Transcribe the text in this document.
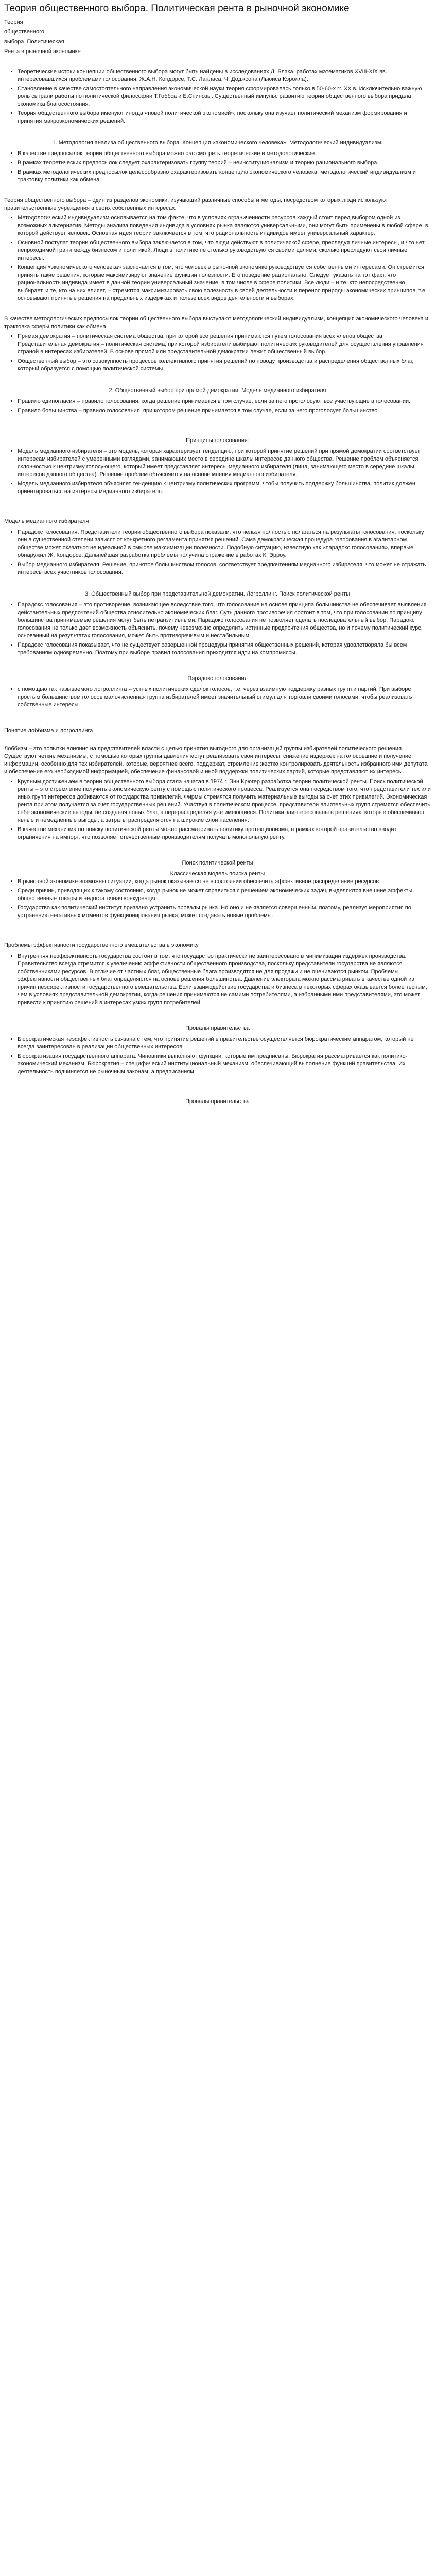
Теория общественного выбора. Политическая рента в рыночной экономике

Теория

общественного

выбора. Политическая

Рента в рыночной экономике

• Теоретические истоки концепции общественного выбора могут быть найдены в исследованиях Д. Блэка, работах математиков XVIII-XIX вв., интересовавшихся проблемами голосования: Ж.А.Н. Кондорсе, Т.С. Лапласа, Ч. Доджсона (Льюиса Кэролла).
• Становление в качестве самостоятельного направления экономической науки теория сформировалась только в 50-60-х гг. XX в. Исключительно важную роль сыграли работы по политической философии Т.Гоббса и Б.Спинозы. Существенный импульс развитию теории общественного выбора придала экономика благосостояния.
• Теория общественного выбора именуют иногда «новой политической экономией», поскольку она изучает политический механизм формирования и принятия макроэкономических решений.

1. Методология анализа общественного выбора. Концепция «экономического человека». Методологический индивидуализм.

• В качестве предпосылок теории общественного выбора можно рас смотреть теоретические и методологические.
• В рамках теоретических предпосылок следует охарактеризовать группу теорий – неинституционализм и теорию рационального выбора.
• В рамках методологических предпосылок целесообразно охарактеризовать концепцию экономического человека, методологический индивидуализм и трактовку политики как обмена.

Теория общественного выбора – один из разделов экономики, изучающий различные способы и методы, посредством которых люди используют правительственные учреждения в своих собственных интересах.

• Методологический индивидуализм основывается на том факте, что в условиях ограниченности ресурсов каждый стоит перед выбором одной из возможных альтернатив. Методы анализа поведения индивида в условиях рынка являются универсальными, они могут быть применены в любой сфере, в которой действует человек. Основная идея теории заключается в том, что рациональность индивидов имеет универсальный характер.
• Основной постулат теории общественного выбора заключается в том, что люди действуют в политической сфере, преследуя личные интересы, и что нет непроходимой грани между бизнесом и политикой. Люди в политике не столько руководствуются своими целями, сколько преследуют свои личные интересы.
• Концепция «экономического человека» заключается в том, что человек в рыночной экономике руководствуется собственными интересами. Он стремится принять такие решения, которые максимизируют значение функции полезности. Его поведение рационально. Следует указать на тот факт, что рациональность индивида имеет в данной теории универсальный значение, в том числе в сфере политики. Все люди – и те, кто непосредственно выбирает, и те, кто на них влияет, – стремятся максимизировать свою полезность в своей деятельности и перенос природы экономических принципов, т.е. основывают принятые решения на предельных издержках и пользе всех видов деятельности и выборах.

В качестве методологических предпосылок теории общественного выбора выступают методологический индивидуализм, концепция экономического человека и трактовка сферы политики как обмена.

• Прямая демократия – политическая система общества, при которой все решения принимаются путем голосования всех членов общества. Представительная демократия – политическая система, при которой избиратели выбирают политических руководителей для осуществления управления страной в интересах избирателей. В основе прямой или представительной демократии лежит общественный выбор.
• Общественный выбор – это совокупность процессов коллективного принятия решений по поводу производства и распределения общественных благ, который образуется с помощью политической системы.

2. Общественный выбор при прямой демократии. Модель медианного избирателя

• Правило единогласия – правило голосования, когда решение принимается в том случае, если за него проголосуют все участвующие в голосовании.
• Правило большинства – правило голосования, при котором решение принимается в том случае, если за него проголосует большинство.

Принципы голосования:

• Модель медианного избирателя – это модель, которая характеризует тенденцию, при которой принятие решений при прямой демократии соответствует интересам избирателей с умеренными взглядами, занимающих место в середине шкалы интересов данного общества. Решение проблем объясняется склонностью к центризму голосующего, который имеет представляет интересы медианного избирателя (лица, занимающего место в середине шкалы интересов данного общества). Решение проблем объясняется на основе мнения медианного избирателя.
• Модель медианного избирателя объясняет тенденцию к центризму политических программ: чтобы получить поддержку большинства, политик должен ориентироваться на интересы медианного избирателя.

Модель медианного избирателя

• Парадокс голосования. Представители теории общественного выбора показали, что нельзя полностью полагаться на результаты голосования, поскольку они в существенной степени зависят от конкретного регламента принятия решений. Сама демократическая процедура голосования в эгалитарном обществе может оказаться не идеальной в смысле максимизации полезности. Подобную ситуацию, известную как «парадокс голосования», впервые обнаружил Ж. Кондорсе. Дальнейшая разработка проблемы получила отражение в работах К. Эрроу.
• Выбор медианного избирателя. Решение, принятое большинством голосов, соответствует предпочтениям медианного избирателя, что может не отражать интересы всех участников голосования.

3. Общественный выбор при представительной демократии. Логроллинг. Поиск политической ренты

• Парадокс голосования – это противоречие, возникающее вследствие того, что голосование на основе принципа большинства не обеспечивает выявления действительных предпочтений общества относительно экономических благ. Суть данного противоречия состоит в том, что при голосовании по принципу большинства принимаемые решения могут быть нетранзитивными. Парадокс голосования не позволяет сделать последовательный выбор. Парадокс голосования не только дает возможность объяснить, почему невозможно определить истинные предпочтения общества, но и почему политический курс, основанный на результатах голосования, может быть противоречивым и нестабильным.
• Парадокс голосования показывает, что не существует совершенной процедуры принятия общественных решений, которая удовлетворяла бы всем требованиям одновременно. Поэтому при выборе правил голосования приходится идти на компромиссы.

Парадокс голосования

• с помощью так называемого логроллинга – устных политических сделок голосов, т.е. через взаимную поддержку разных групп и партий. При выборе простым большинством голосов малочисленная группа избирателей имеет значительный стимул для торговли своими голосами, чтобы реализовать собственные интересы.

Понятие лоббизма и логроллинга

Лоббизм – это попытки влияния на представителей власти с целью принятия выгодного для организаций группы избирателей политического решения. Существуют четкие механизмы, с помощью которых группы давления могут реализовать свои интересы: снижение издержек на голосование и получение информации, особенно для тех избирателей, которые, вероятнее всего, поддержат, стремление жестко контролировать деятельность избранного ими депутата и обеспечение его необходимой информацией, обеспечение финансовой и иной поддержки политических партий, которые представляют их интересы.

• Крупным достижением в теории общественного выбора стала начатая в 1974 г. Энн Крюгер разработка теории политической ренты. Поиск политической ренты – это стремление получить экономическую ренту с помощью политического процесса. Реализуется она посредством того, что представители тех или иных групп интересов добиваются от государства привилегий. Фирмы стремятся получить материальные выгоды за счет этих привилегий. Экономическая рента при этом получается за счет государственных решений. Участвуя в политическом процессе, представители влиятельных групп стремятся обеспечить себе экономические выгоды, не создавая новых благ, а перераспределяя уже имеющиеся. Политики заинтересованы в решениях, которые обеспечивают явные и немедленные выгоды, а затраты распределяются на широкие слои населения.
• В качестве механизма по поиску политической ренты можно рассматривать политику протекционизма, в рамках которой правительство вводит ограничения на импорт, что позволяет отечественным производителям получать монопольную ренту.

Поиск политической ренты

Классическая модель поиска ренты

• В рыночной экономике возможны ситуации, когда рынок оказывается не в состоянии обеспечить эффективное распределение ресурсов.
• Среди причин, приводящих к такому состоянию, когда рынок не может справиться с решением экономических задач, выделяются внешние эффекты, общественные товары и недостаточная конкуренция.
• Государство как политический институт призвано устранить провалы рынка. Но оно и не является совершенным, поэтому, реализуя мероприятия по устранению негативных моментов функционирования рынка, может создавать новые проблемы.

Проблемы эффективности государственного вмешательства в экономику

• Внутренняя неэффективность государства состоит в том, что государство практически не заинтересовано в минимизации издержек производства. Правительство всегда стремится к увеличению эффективности общественного производства, поскольку представители государства не являются собственниками ресурсов. В отличие от частных благ, общественные блага производятся не для продажи и не оцениваются рынком. Проблемы эффективности общественных благ определяются на основе решения большинства. Давление электората можно рассматривать в качестве одной из причин неэффективности государственного вмешательства. Если взаимодействие государства и бизнеса в некоторых сферах оказывается более тесным, чем в условиях представительной демократии, когда решения принимаются не самими потребителями, а избранными ими представителями, это может привести к принятию решений в интересах узких групп потребителей.

Провалы правительства

• Бюрократическая неэффективность связана с тем, что принятие решений в правительстве осуществляется бюрократическим аппаратом, который не всегда заинтересован в реализации общественных интересов.
• Бюрократизация государственного аппарата. Чиновники выполняют функции, которые им предписаны. Бюрократия рассматривается как политико-экономический механизм. Бюрократия – специфический институциональный механизм, обеспечивающий выполнение функций правительства. Их деятельность подчиняется не рыночным законам, а предписаниям.

Провалы правительства
